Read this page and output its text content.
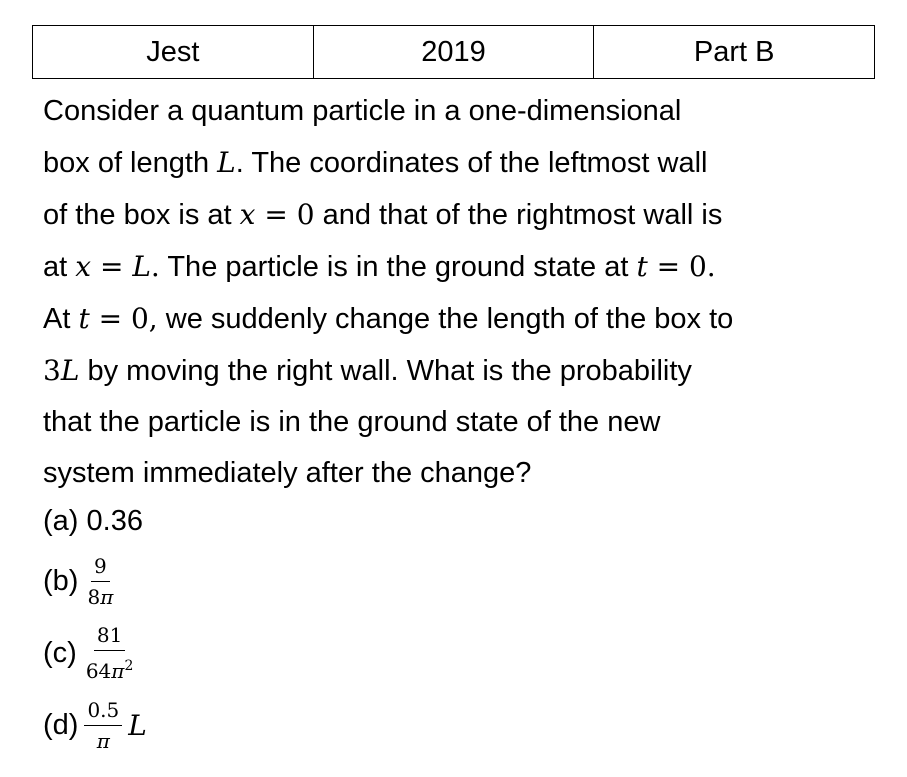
Jest	2019	Part B
Consider a quantum particle in a one-dimensional
box of length L. The coordinates of the leftmost wall
of the box is at x = 0 and that of the rightmost wall is
at x = L. The particle is in the ground state at t = 0.
At t = 0, we suddenly change the length of the box to
3L by moving the right wall. What is the probability
that the particle is in the ground state of the new
system immediately after the change?
(a) 0.36
$(b) \frac{9}{8\pi}$
$(c) \frac{81}{64\pi^2}$
$(d) \frac{0.5}{\pi}$ L
